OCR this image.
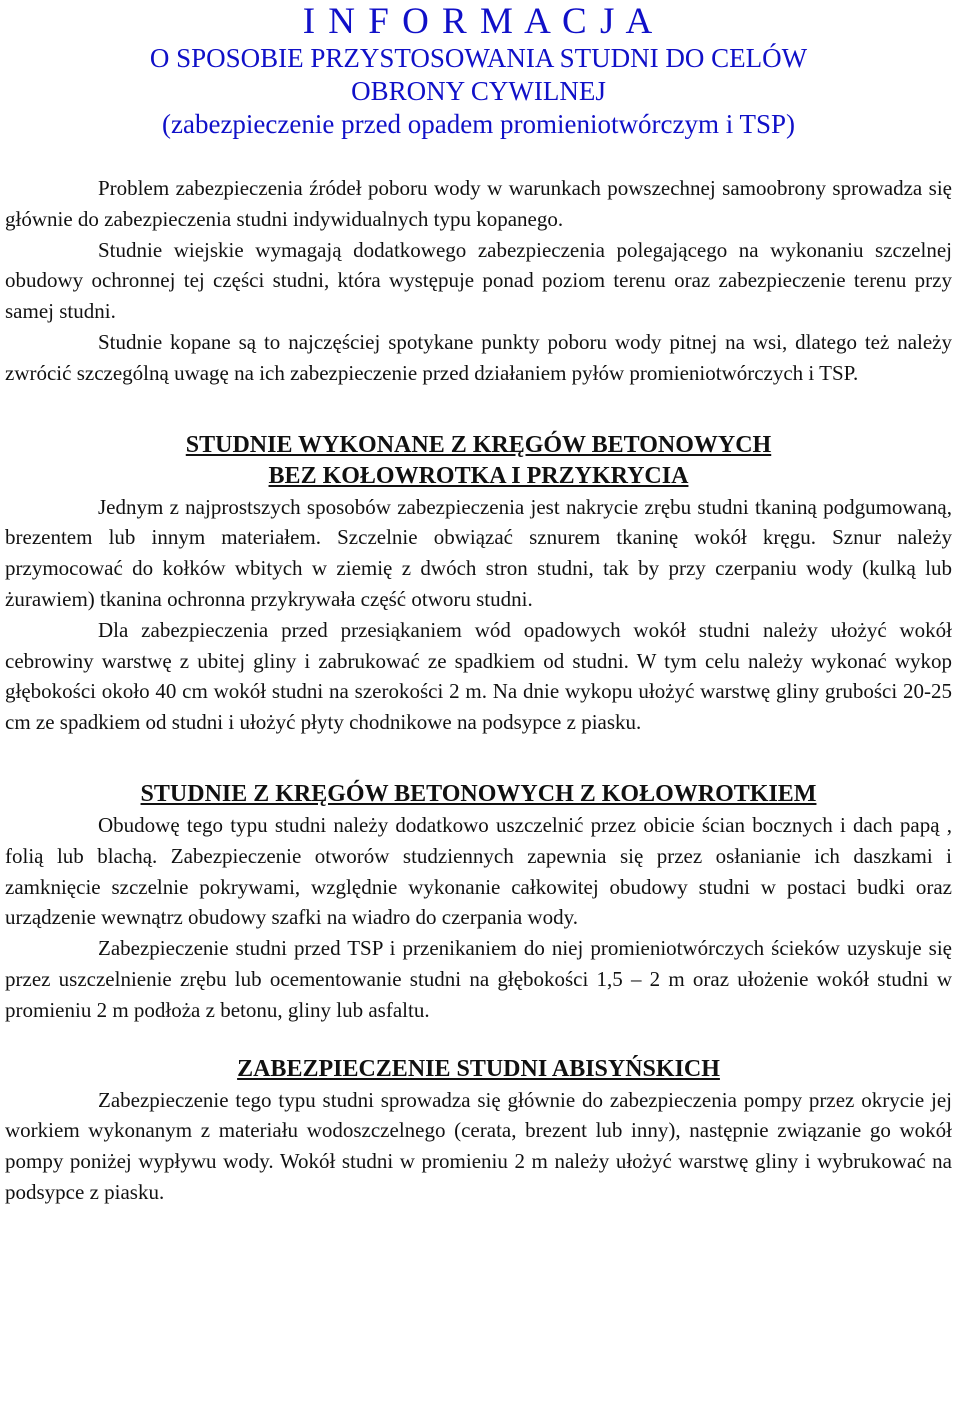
I N F O R M A C J A
O SPOSOBIE PRZYSTOSOWANIA STUDNI DO CELÓW
OBRONY CYWILNEJ
(zabezpieczenie przed opadem promieniotwórczym i TSP)

Problem zabezpieczenia źródeł poboru wody w warunkach powszechnej samoobrony sprowadza się głównie do zabezpieczenia studni indywidualnych typu kopanego.

Studnie wiejskie wymagają dodatkowego zabezpieczenia polegającego na wykonaniu szczelnej obudowy ochronnej tej części studni, która występuje ponad poziom terenu oraz zabezpieczenie terenu przy samej studni.

Studnie kopane są to najczęściej spotykane punkty poboru wody pitnej na wsi, dlatego też należy zwrócić szczególną uwagę na ich zabezpieczenie przed działaniem pyłów promieniotwórczych i TSP.

STUDNIE WYKONANE Z KRĘGÓW BETONOWYCH

BEZ KOŁOWROTKA I PRZYKRYCIA

Jednym z najprostszych sposobów zabezpieczenia jest nakrycie zrębu studni tkaniną podgumowaną, brezentem lub innym materiałem. Szczelnie obwiązać sznurem tkaninę wokół kręgu. Sznur należy przymocować do kołków wbitych w ziemię z dwóch stron studni, tak by przy czerpaniu wody (kulką lub żurawiem) tkanina ochronna przykrywała część otworu studni.

Dla zabezpieczenia przed przesiąkaniem wód opadowych wokół studni należy ułożyć wokół cebrowiny warstwę z ubitej gliny i zabrukować ze spadkiem od studni. W tym celu należy wykonać wykop głębokości około 40 cm wokół studni na szerokości 2 m. Na dnie wykopu ułożyć warstwę gliny grubości 20-25 cm ze spadkiem od studni i ułożyć płyty chodnikowe na podsypce z piasku.

STUDNIE Z KRĘGÓW BETONOWYCH Z KOŁOWROTKIEM

Obudowę tego typu studni należy dodatkowo uszczelnić przez obicie ścian bocznych i dach papą , folią lub blachą. Zabezpieczenie otworów studziennych zapewnia się przez osłanianie ich daszkami i zamknięcie szczelnie pokrywami, względnie wykonanie całkowitej obudowy studni w postaci budki oraz urządzenie wewnątrz obudowy szafki na wiadro do czerpania wody.

Zabezpieczenie studni przed TSP i przenikaniem do niej promieniotwórczych ścieków uzyskuje się przez uszczelnienie zrębu lub ocementowanie studni na głębokości 1,5 – 2 m oraz ułożenie wokół studni w promieniu 2 m podłoża z betonu, gliny lub asfaltu.

ZABEZPIECZENIE STUDNI ABISYŃSKICH

Zabezpieczenie tego typu studni sprowadza się głównie do zabezpieczenia pompy przez okrycie jej workiem wykonanym z materiału wodoszczelnego (cerata, brezent lub inny), następnie związanie go wokół pompy poniżej wypływu wody. Wokół studni w promieniu 2 m należy ułożyć warstwę gliny i wybrukować na podsypce z piasku.
